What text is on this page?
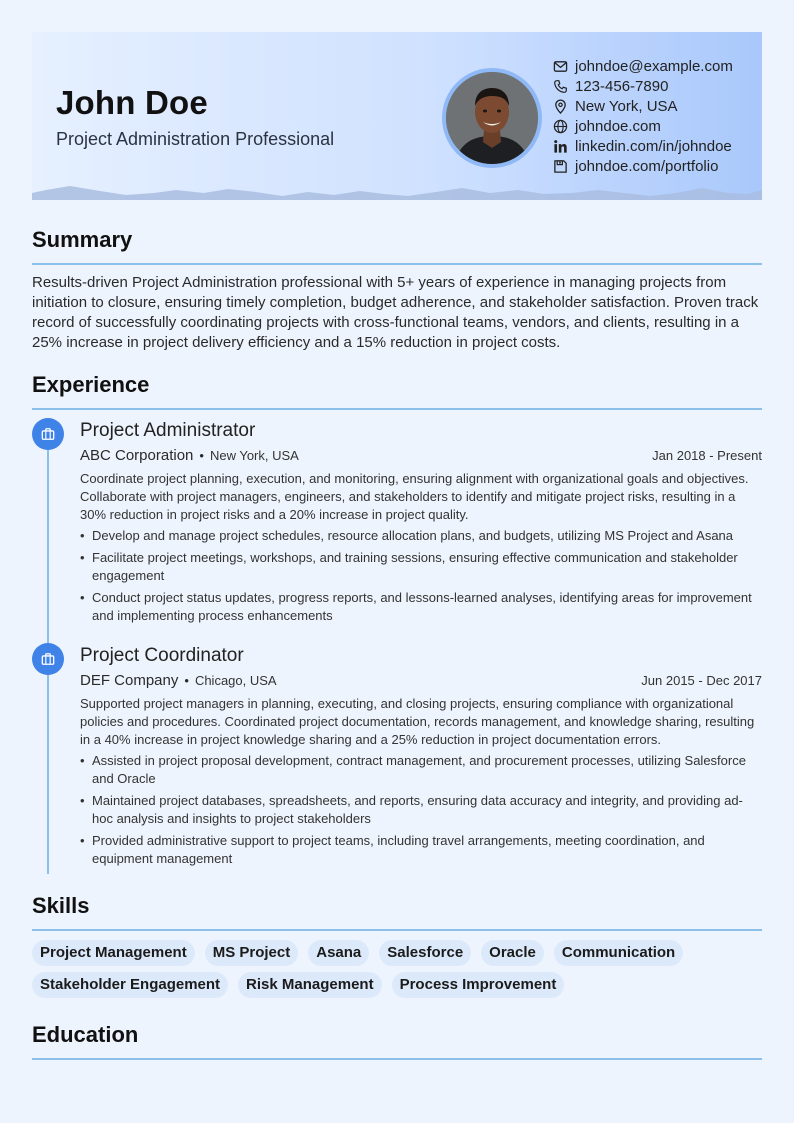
John Doe
Project Administration Professional
johndoe@example.com
123-456-7890
New York, USA
johndoe.com
linkedin.com/in/johndoe
johndoe.com/portfolio
Summary
Results-driven Project Administration professional with 5+ years of experience in managing projects from initiation to closure, ensuring timely completion, budget adherence, and stakeholder satisfaction. Proven track record of successfully coordinating projects with cross-functional teams, vendors, and clients, resulting in a 25% increase in project delivery efficiency and a 15% reduction in project costs.
Experience
Project Administrator
ABC Corporation • New York, USA	Jan 2018 - Present
Coordinate project planning, execution, and monitoring, ensuring alignment with organizational goals and objectives. Collaborate with project managers, engineers, and stakeholders to identify and mitigate project risks, resulting in a 30% reduction in project risks and a 20% increase in project quality.
• Develop and manage project schedules, resource allocation plans, and budgets, utilizing MS Project and Asana
• Facilitate project meetings, workshops, and training sessions, ensuring effective communication and stakeholder engagement
• Conduct project status updates, progress reports, and lessons-learned analyses, identifying areas for improvement and implementing process enhancements
Project Coordinator
DEF Company • Chicago, USA	Jun 2015 - Dec 2017
Supported project managers in planning, executing, and closing projects, ensuring compliance with organizational policies and procedures. Coordinated project documentation, records management, and knowledge sharing, resulting in a 40% increase in project knowledge sharing and a 25% reduction in project documentation errors.
• Assisted in project proposal development, contract management, and procurement processes, utilizing Salesforce and Oracle
• Maintained project databases, spreadsheets, and reports, ensuring data accuracy and integrity, and providing ad-hoc analysis and insights to project stakeholders
• Provided administrative support to project teams, including travel arrangements, meeting coordination, and equipment management
Skills
Project Management	MS Project	Asana	Salesforce	Oracle	Communication
Stakeholder Engagement	Risk Management	Process Improvement
Education
